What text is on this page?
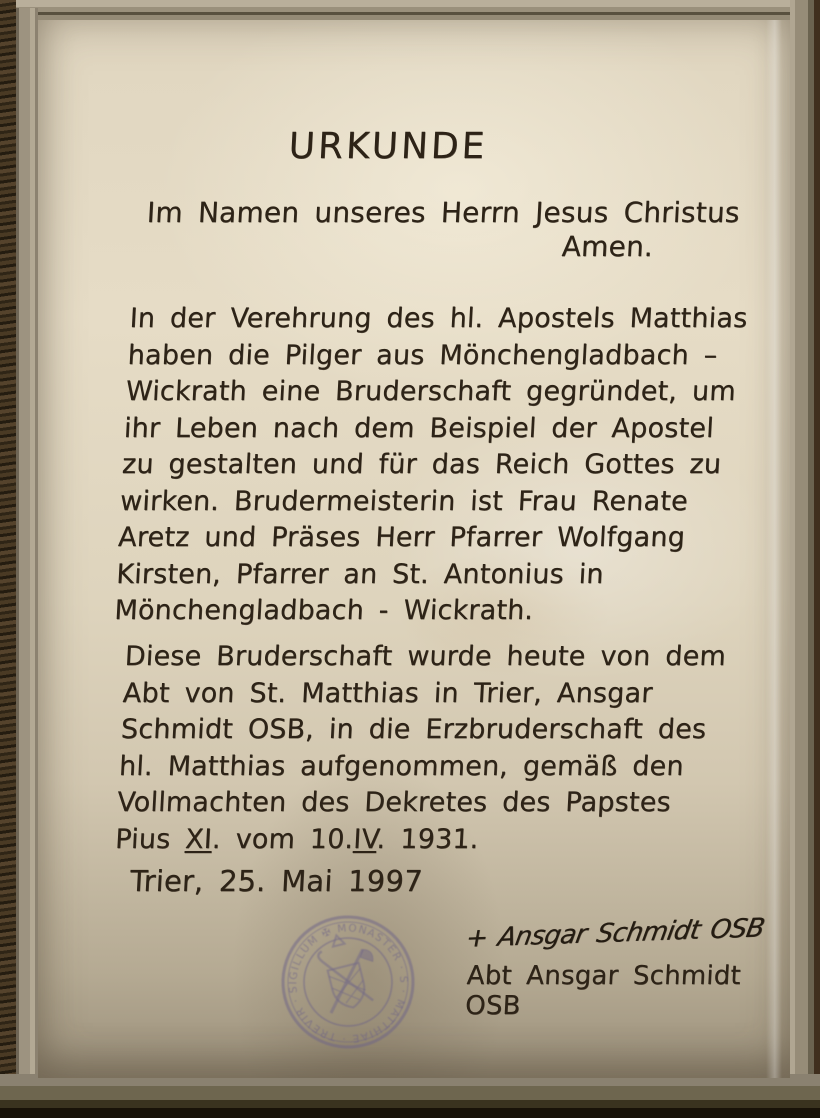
URKUNDE
Im Namen unseres Herrn Jesus Christus
Amen.
In der Verehrung des hl. Apostels Matthias
haben die Pilger aus Mönchengladbach –
Wickrath eine Bruderschaft gegründet, um
ihr Leben nach dem Beispiel der Apostel
zu gestalten und für das Reich Gottes zu
wirken. Brudermeisterin ist Frau Renate
Aretz und Präses Herr Pfarrer Wolfgang
Kirsten, Pfarrer an St. Antonius in
Mönchengladbach - Wickrath.
Diese Bruderschaft wurde heute von dem
Abt von St. Matthias in Trier, Ansgar
Schmidt OSB, in die Erzbruderschaft des
hl. Matthias aufgenommen, gemäß den
Vollmachten des Dekretes des Papstes
Pius XI. vom 10.IV. 1931.
Trier, 25. Mai 1997
SIGILLUM ✠ MONASTER · S · MATTHIAE · TREVIR ·
+ Ansgar Schmidt OSB
Abt Ansgar Schmidt OSB
